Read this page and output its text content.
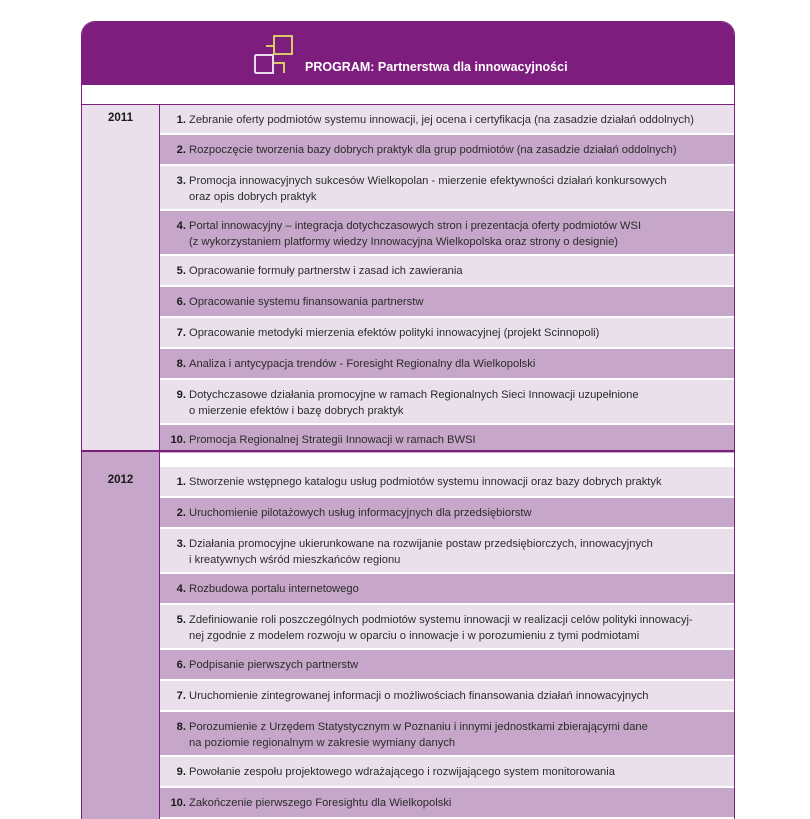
PROGRAM: Partnerstwa dla innowacyjności
2011	1. Zebranie oferty podmiotów systemu innowacji, jej ocena i certyfikacja (na zasadzie działań oddolnych)
2. Rozpoczęcie tworzenia bazy dobrych praktyk dla grup podmiotów (na zasadzie działań oddolnych)
3. Promocja innowacyjnych sukcesów Wielkopolan - mierzenie efektywności działań konkursowych
oraz opis dobrych praktyk
4. Portal innowacyjny – integracja dotychczasowych stron i prezentacja oferty podmiotów WSI
(z wykorzystaniem platformy wiedzy Innowacyjna Wielkopolska oraz strony o designie)
5. Opracowanie formuły partnerstw i zasad ich zawierania
6. Opracowanie systemu finansowania partnerstw
7. Opracowanie metodyki mierzenia efektów polityki innowacyjnej (projekt Scinnopoli)
8. Analiza i antycypacja trendów - Foresight Regionalny dla Wielkopolski
9. Dotychczasowe działania promocyjne w ramach Regionalnych Sieci Innowacji uzupełnione
o mierzenie efektów i bazę dobrych praktyk
10. Promocja Regionalnej Strategii Innowacji w ramach BWSI
2012	1. Stworzenie wstępnego katalogu usług podmiotów systemu innowacji oraz bazy dobrych praktyk
2. Uruchomienie pilotażowych usług informacyjnych dla przedsiębiorstw
3. Działania promocyjne ukierunkowane na rozwijanie postaw przedsiębiorczych, innowacyjnych
i kreatywnych wśród mieszkańców regionu
4. Rozbudowa portalu internetowego
5. Zdefiniowanie roli poszczególnych podmiotów systemu innowacji w realizacji celów polityki innowacyj-
nej zgodnie z modelem rozwoju w oparciu o innowacje i w porozumieniu z tymi podmiotami
6. Podpisanie pierwszych partnerstw
7. Uruchomienie zintegrowanej informacji o możliwościach finansowania działań innowacyjnych
8. Porozumienie z Urzędem Statystycznym w Poznaniu i innymi jednostkami zbierającymi dane
na poziomie regionalnym w zakresie wymiany danych
9. Powołanie zespołu projektowego wdrażającego i rozwijającego system monitorowania
10. Zakończenie pierwszego Foresightu dla Wielkopolski
